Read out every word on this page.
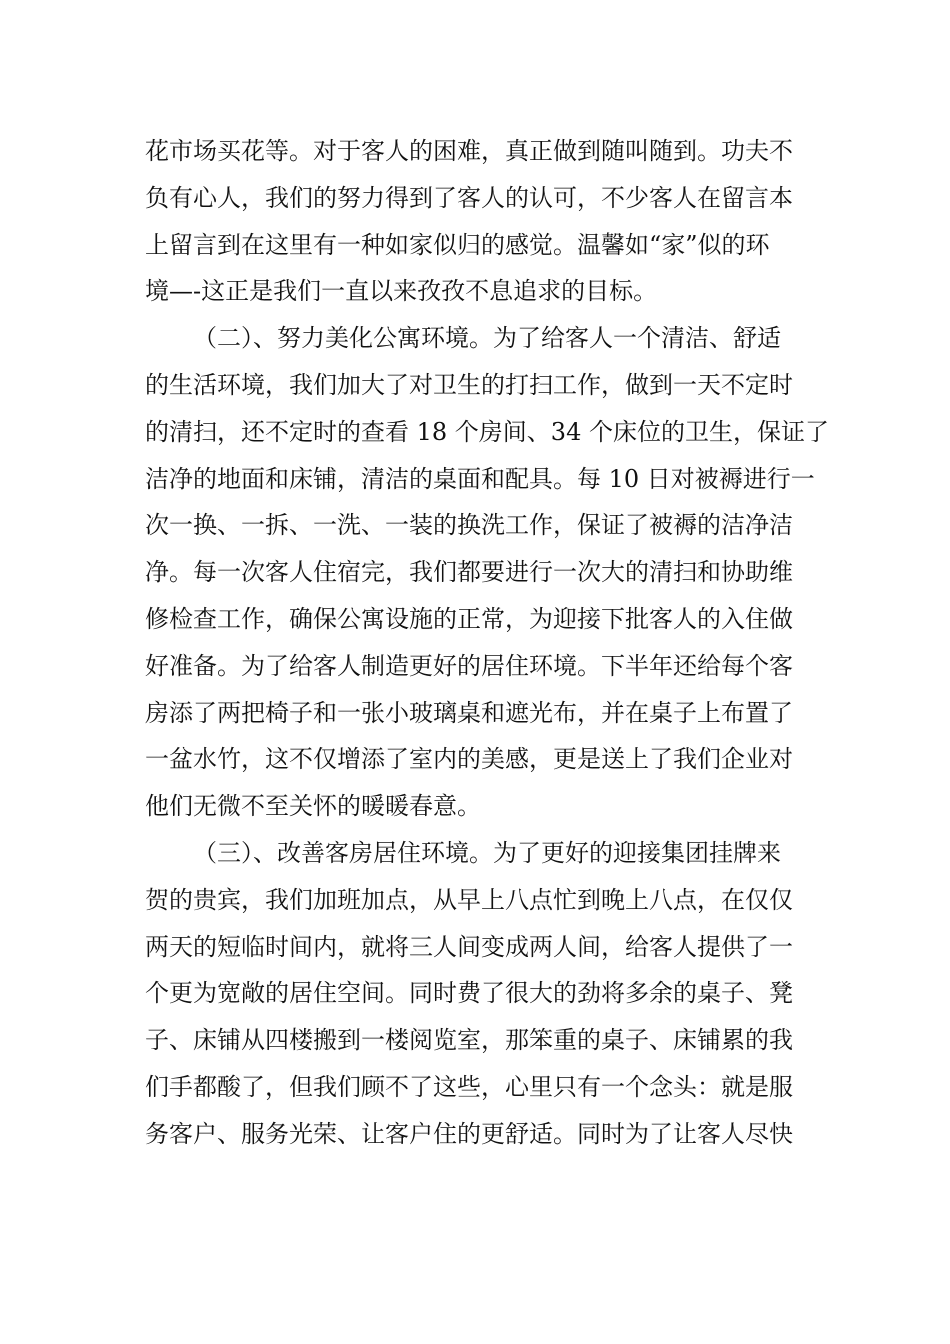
花市场买花等。对于客人的困难，真正做到随叫随到。功夫不
负有心人，我们的努力得到了客人的认可，不少客人在留言本
上留言到在这里有一种如家似归的感觉。温馨如“家”似的环
境—-这正是我们一直以来孜孜不息追求的目标。
（二）、努力美化公寓环境。为了给客人一个清洁、舒适
的生活环境，我们加大了对卫生的打扫工作，做到一天不定时
的清扫，还不定时的查看 18 个房间、34 个床位的卫生，保证了
洁净的地面和床铺，清洁的桌面和配具。每 10 日对被褥进行一
次一换、一拆、一洗、一装的换洗工作，保证了被褥的洁净洁
净。每一次客人住宿完，我们都要进行一次大的清扫和协助维
修检查工作，确保公寓设施的正常，为迎接下批客人的入住做
好准备。为了给客人制造更好的居住环境。下半年还给每个客
房添了两把椅子和一张小玻璃桌和遮光布，并在桌子上布置了
一盆水竹，这不仅增添了室内的美感，更是送上了我们企业对
他们无微不至关怀的暖暖春意。
（三）、改善客房居住环境。为了更好的迎接集团挂牌来
贺的贵宾，我们加班加点，从早上八点忙到晚上八点，在仅仅
两天的短临时间内，就将三人间变成两人间，给客人提供了一
个更为宽敞的居住空间。同时费了很大的劲将多余的桌子、凳
子、床铺从四楼搬到一楼阅览室，那笨重的桌子、床铺累的我
们手都酸了，但我们顾不了这些，心里只有一个念头：就是服
务客户、服务光荣、让客户住的更舒适。同时为了让客人尽快
